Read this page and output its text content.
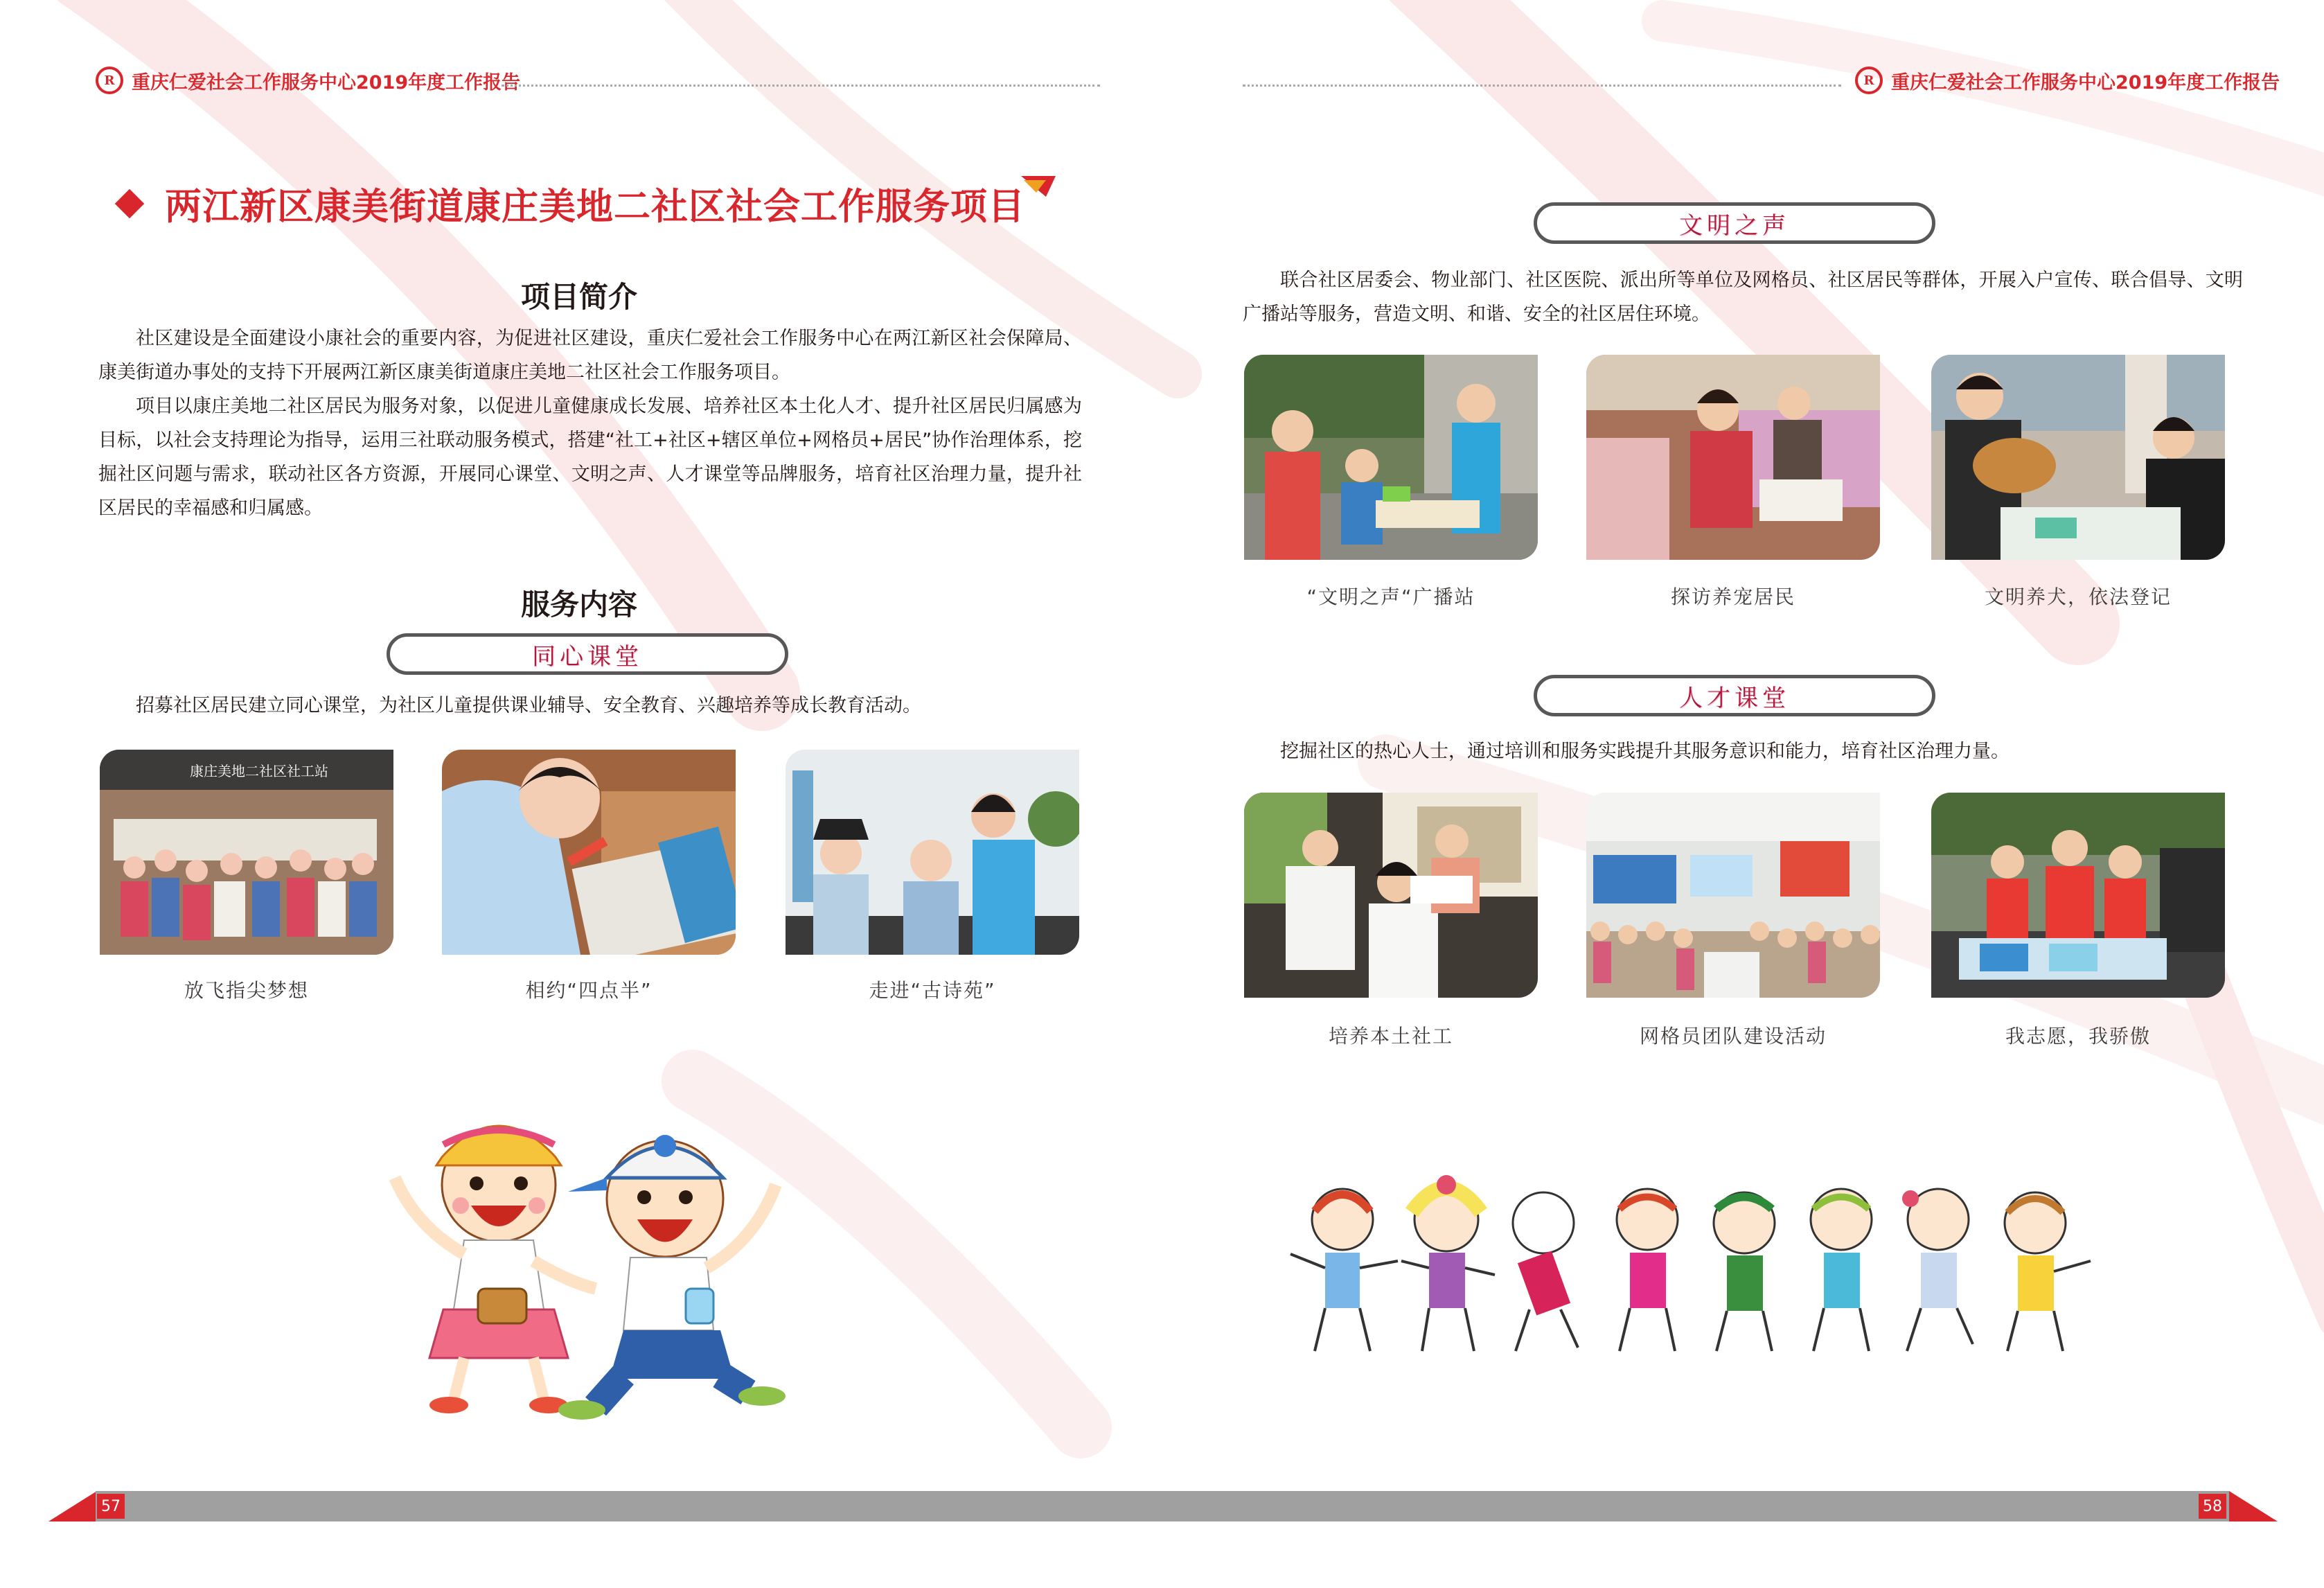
R 重庆仁爱社会工作服务中心2019年度工作报告
两江新区康美街道康庄美地二社区社会工作服务项目
项目简介

社区建设是全面建设小康社会的重要内容，为促进社区建设，重庆仁爱社会工作服务中心在两江新区社会保障局、康美街道办事处的支持下开展两江新区康美街道康庄美地二社区社会工作服务项目。

项目以康庄美地二社区居民为服务对象，以促进儿童健康成长发展、培养社区本土化人才、提升社区居民归属感为目标，以社会支持理论为指导，运用三社联动服务模式，搭建“社工+社区+辖区单位+网格员+居民”协作治理体系，挖掘社区问题与需求，联动社区各方资源，开展同心课堂、文明之声、人才课堂等品牌服务，培育社区治理力量，提升社区居民的幸福感和归属感。

服务内容
同心课堂

招募社区居民建立同心课堂，为社区儿童提供课业辅导、安全教育、兴趣培养等成长教育活动。

康庄美地二社区社工站
放飞指尖梦想	相约“四点半”	走进“古诗苑”
57
R 重庆仁爱社会工作服务中心2019年度工作报告
文明之声

联合社区居委会、物业部门、社区医院、派出所等单位及网格员、社区居民等群体，开展入户宣传、联合倡导、文明广播站等服务，营造文明、和谐、安全的社区居住环境。

“文明之声“广播站	探访养宠居民	文明养犬，依法登记
人才课堂

挖掘社区的热心人士，通过培训和服务实践提升其服务意识和能力，培育社区治理力量。

培养本土社工	网格员团队建设活动	我志愿，我骄傲
58
